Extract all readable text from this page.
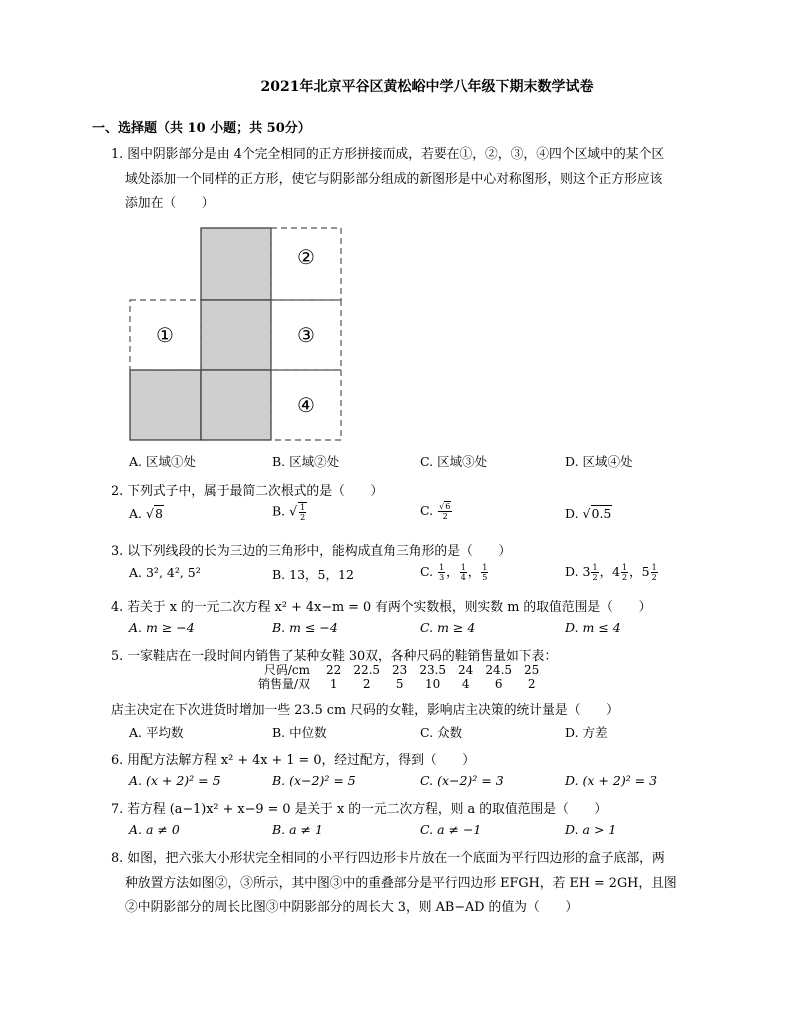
2021年北京平谷区黄松峪中学八年级下期末数学试卷
一、选择题（共 10 小题；共 50分）
1. 图中阴影部分是由 4个完全相同的正方形拼接而成，若要在①，②，③，④四个区域中的某个区
域处添加一个同样的正方形，使它与阴影部分组成的新图形是中心对称图形，则这个正方形应该
添加在（　　）
①
②
③
④
A. 区域①处	B. 区域②处	C. 区域③处	D. 区域④处
2. 下列式子中，属于最简二次根式的是（　　）
A. √8	B. √ $\frac{1}{2}$	C. $\frac{√6}{2}$	D. √0.5
3. 以下列线段的长为三边的三角形中，能构成直角三角形的是（　　）
A. 3², 4², 5²	B. 13，5，12	C. $\frac{1}{3}$ ， $\frac{1}{4}$ ， $\frac{1}{5}$	D. $3 \frac{1}{2}$ ，$4 \frac{1}{2}$ ，$5 \frac{1}{2}$
4. 若关于 x 的一元二次方程 x² + 4x−m = 0 有两个实数根，则实数 m 的取值范围是（　　）
A. m ≥ −4	B. m ≤ −4	C. m ≥ 4	D. m ≤ 4
5. 一家鞋店在一段时间内销售了某种女鞋 30双，各种尺码的鞋销售量如下表：
尺码/cm	22	22.5	23	23.5	24	24.5	25
销售量/双	1	2	5	10	4	6	2
店主决定在下次进货时增加一些 23.5 cm 尺码的女鞋，影响店主决策的统计量是（　　）
A. 平均数	B. 中位数	C. 众数	D. 方差
6. 用配方法解方程 x² + 4x + 1 = 0，经过配方，得到（　　）
A. (x + 2)² = 5	B. (x−2)² = 5	C. (x−2)² = 3	D. (x + 2)² = 3
7. 若方程 (a−1)x² + x−9 = 0 是关于 x 的一元二次方程，则 a 的取值范围是（　　）
A. a ≠ 0	B. a ≠ 1	C. a ≠ −1	D. a > 1
8. 如图，把六张大小形状完全相同的小平行四边形卡片放在一个底面为平行四边形的盒子底部，两
种放置方法如图②，③所示，其中图③中的重叠部分是平行四边形 EFGH，若 EH = 2GH，且图
②中阴影部分的周长比图③中阴影部分的周长大 3，则 AB−AD 的值为（　　）
